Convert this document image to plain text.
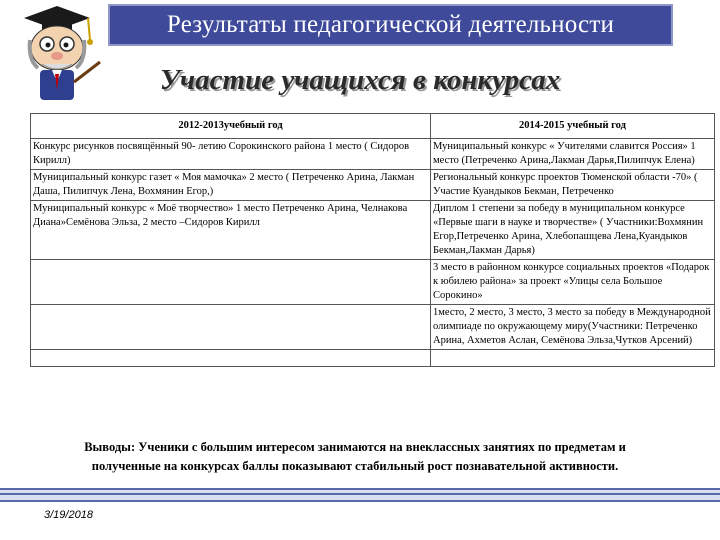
Результаты педагогической деятельности
Участие учащихся в конкурсах
2012-2013учебный год	2014-2015 учебный год
Конкурс рисунков посвящённый 90- летию Сорокинского района 1 место ( Сидоров Кирилл)	Муниципальный конкурс « Учителями славится Россия» 1 место (Петреченко Арина,Лакман Дарья,Пилипчук Елена)
Муниципальный конкурс газет « Моя мамочка» 2 место ( Петреченко Арина, Лакман Даша, Пилипчук Лена, Вохмянин Егор,)	Региональный конкурс проектов Тюменской области -70» ( Участие Куандыков Бекман, Петреченко
Муниципальный конкурс « Моё творчество» 1 место Петреченко Арина, Челнакова Диана»Семёнова Эльза, 2 место –Сидоров Кирилл	Диплом 1 степени за победу в муниципальном конкурсе «Первые шаги в науке и творчестве» ( Участники:Вохмянин Егор,Петреченко Арина, Хлебопашцева Лена,Куандыков Бекман,Лакман Дарья)
	3 место в районном конкурсе социальных проектов «Подарок к юбилею района» за проект «Улицы села Большое Сорокино»
	1место, 2 место, 3 место, 3 место за победу в Международной олимпиаде по окружающему миру(Участники: Петреченко Арина, Ахметов Аслан, Семёнова Эльза,Чутков Арсений)

Выводы: Ученики с большим интересом занимаются на внеклассных занятиях по предметам и полученные на конкурсах баллы показывают стабильный рост познавательной активности.
3/19/2018
